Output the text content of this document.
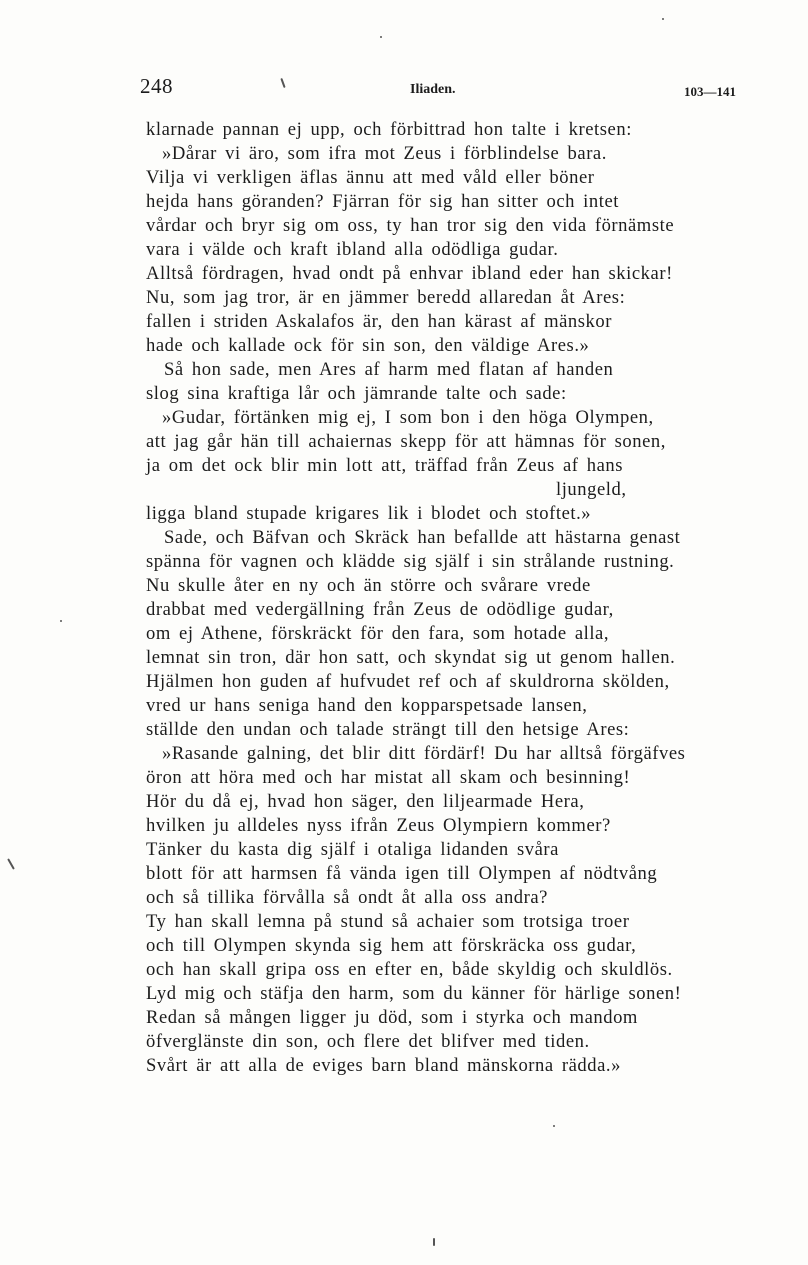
248	Iliaden.	103—141
klarnade pannan ej upp, och förbittrad hon talte i kretsen:
»Dårar vi äro, som ifra mot Zeus i förblindelse bara.
Vilja vi verkligen äflas ännu att med våld eller böner
hejda hans göranden? Fjärran för sig han sitter och intet
vårdar och bryr sig om oss, ty han tror sig den vida förnämste
vara i välde och kraft ibland alla odödliga gudar.
Alltså fördragen, hvad ondt på enhvar ibland eder han skickar!
Nu, som jag tror, är en jämmer beredd allaredan åt Ares:
fallen i striden Askalafos är, den han kärast af mänskor
hade och kallade ock för sin son, den väldige Ares.»
Så hon sade, men Ares af harm med flatan af handen
slog sina kraftiga lår och jämrande talte och sade:
»Gudar, förtänken mig ej, I som bon i den höga Olympen,
att jag går hän till achaiernas skepp för att hämnas för sonen,
ja om det ock blir min lott att, träffad från Zeus af hans
ljungeld,
ligga bland stupade krigares lik i blodet och stoftet.»
Sade, och Bäfvan och Skräck han befallde att hästarna genast
spänna för vagnen och klädde sig själf i sin strålande rustning.
Nu skulle åter en ny och än större och svårare vrede
drabbat med vedergällning från Zeus de odödlige gudar,
om ej Athene, förskräckt för den fara, som hotade alla,
lemnat sin tron, där hon satt, och skyndat sig ut genom hallen.
Hjälmen hon guden af hufvudet ref och af skuldrorna skölden,
vred ur hans seniga hand den kopparspetsade lansen,
ställde den undan och talade strängt till den hetsige Ares:
»Rasande galning, det blir ditt fördärf! Du har alltså förgäfves
öron att höra med och har mistat all skam och besinning!
Hör du då ej, hvad hon säger, den liljearmade Hera,
hvilken ju alldeles nyss ifrån Zeus Olympiern kommer?
Tänker du kasta dig själf i otaliga lidanden svåra
blott för att harmsen få vända igen till Olympen af nödtvång
och så tillika förvålla så ondt åt alla oss andra?
Ty han skall lemna på stund så achaier som trotsiga troer
och till Olympen skynda sig hem att förskräcka oss gudar,
och han skall gripa oss en efter en, både skyldig och skuldlös.
Lyd mig och stäfja den harm, som du känner för härlige sonen!
Redan så mången ligger ju död, som i styrka och mandom
öfverglänste din son, och flere det blifver med tiden.
Svårt är att alla de eviges barn bland mänskorna rädda.»
